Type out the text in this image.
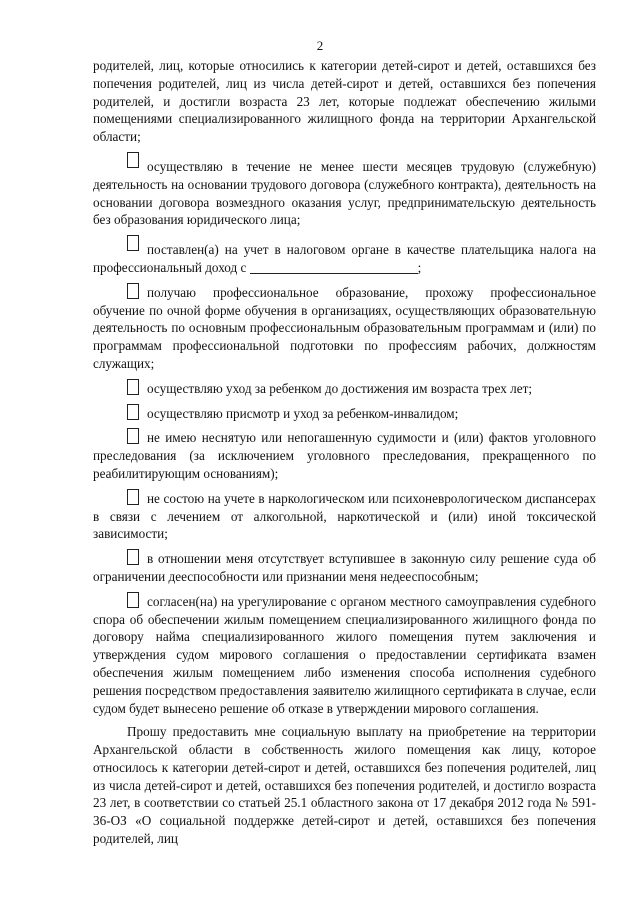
2

родителей, лиц, которые относились к категории детей-сирот и детей, оставшихся без попечения родителей, лиц из числа детей-сирот и детей, оставшихся без попечения родителей, и достигли возраста 23 лет, которые подлежат обеспечению жилыми помещениями специализированного жилищного фонда на территории Архангельской области;

осуществляю в течение не менее шести месяцев трудовую (служебную) деятельность на основании трудового договора (служебного контракта), деятельность на основании договора возмездного оказания услуг, предпринимательскую деятельность без образования юридического лица;

поставлен(а) на учет в налоговом органе в качестве плательщика налога на профессиональный доход с	;

получаю профессиональное образование, прохожу профессиональное обучение по очной форме обучения в организациях, осуществляющих образовательную деятельность по основным профессиональным образовательным программам и (или) по программам профессиональной подготовки по профессиям рабочих, должностям служащих;

осуществляю уход за ребенком до достижения им возраста трех лет;

осуществляю присмотр и уход за ребенком-инвалидом;

не имею неснятую или непогашенную судимости и (или) фактов уголовного преследования (за исключением уголовного преследования, прекращенного по реабилитирующим основаниям);

не состою на учете в наркологическом или психоневрологическом диспансерах в связи с лечением от алкогольной, наркотической и (или) иной токсической зависимости;

в отношении меня отсутствует вступившее в законную силу решение суда об ограничении дееспособности или признании меня недееспособным;

согласен(на) на урегулирование с органом местного самоуправления судебного спора об обеспечении жилым помещением специализированного жилищного фонда по договору найма специализированного жилого помещения путем заключения и утверждения судом мирового соглашения о предоставлении сертификата взамен обеспечения жилым помещением либо изменения способа исполнения судебного решения посредством предоставления заявителю жилищного сертификата в случае, если судом будет вынесено решение об отказе в утверждении мирового соглашения.

Прошу предоставить мне социальную выплату на приобретение на территории Архангельской области в собственность жилого помещения как лицу, которое относилось к категории детей-сирот и детей, оставшихся без попечения родителей, лиц из числа детей-сирот и детей, оставшихся без попечения родителей, и достигло возраста 23 лет, в соответствии со статьей 25.1 областного закона от 17 декабря 2012 года № 591-36-ОЗ «О социальной поддержке детей-сирот и детей, оставшихся без попечения родителей, лиц
